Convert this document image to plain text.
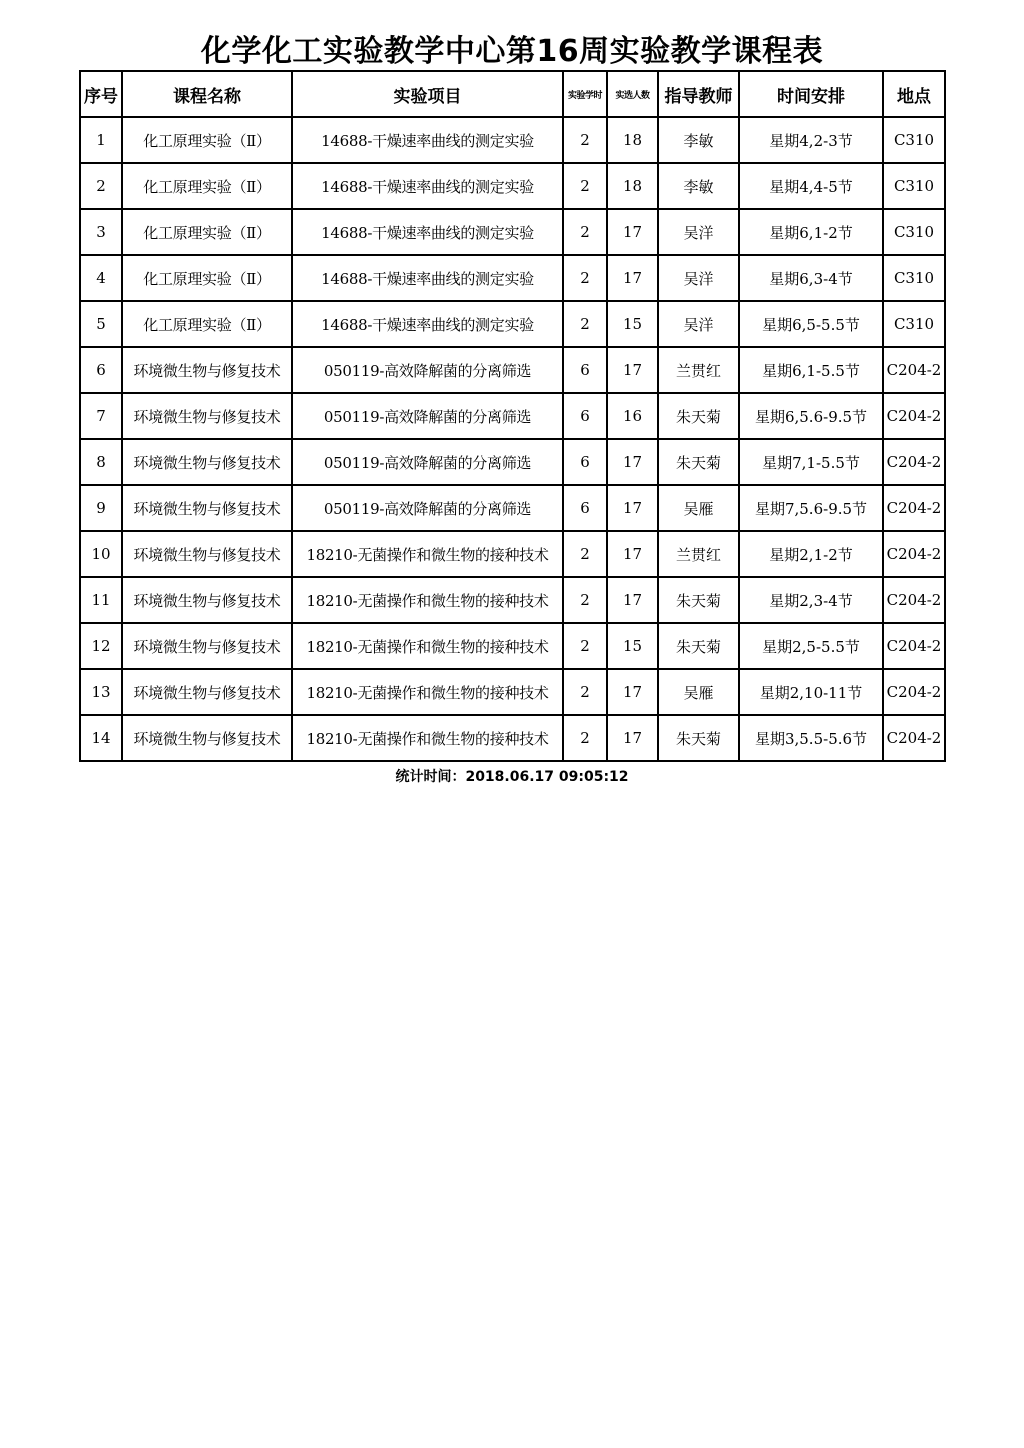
化学化工实验教学中心第16周实验教学课程表
序号	课程名称	实验项目	实验学时	实选人数	指导教师	时间安排	地点
1	化工原理实验（Ⅱ）	14688-干燥速率曲线的测定实验	2	18	李敏	星期4,2-3节	C310
2	化工原理实验（Ⅱ）	14688-干燥速率曲线的测定实验	2	18	李敏	星期4,4-5节	C310
3	化工原理实验（Ⅱ）	14688-干燥速率曲线的测定实验	2	17	吴洋	星期6,1-2节	C310
4	化工原理实验（Ⅱ）	14688-干燥速率曲线的测定实验	2	17	吴洋	星期6,3-4节	C310
5	化工原理实验（Ⅱ）	14688-干燥速率曲线的测定实验	2	15	吴洋	星期6,5-5.5节	C310
6	环境微生物与修复技术	050119-高效降解菌的分离筛选	6	17	兰贯红	星期6,1-5.5节	C204-2
7	环境微生物与修复技术	050119-高效降解菌的分离筛选	6	16	朱天菊	星期6,5.6-9.5节	C204-2
8	环境微生物与修复技术	050119-高效降解菌的分离筛选	6	17	朱天菊	星期7,1-5.5节	C204-2
9	环境微生物与修复技术	050119-高效降解菌的分离筛选	6	17	吴雁	星期7,5.6-9.5节	C204-2
10	环境微生物与修复技术	18210-无菌操作和微生物的接种技术	2	17	兰贯红	星期2,1-2节	C204-2
11	环境微生物与修复技术	18210-无菌操作和微生物的接种技术	2	17	朱天菊	星期2,3-4节	C204-2
12	环境微生物与修复技术	18210-无菌操作和微生物的接种技术	2	15	朱天菊	星期2,5-5.5节	C204-2
13	环境微生物与修复技术	18210-无菌操作和微生物的接种技术	2	17	吴雁	星期2,10-11节	C204-2
14	环境微生物与修复技术	18210-无菌操作和微生物的接种技术	2	17	朱天菊	星期3,5.5-5.6节	C204-2
统计时间：2018.06.17 09:05:12
